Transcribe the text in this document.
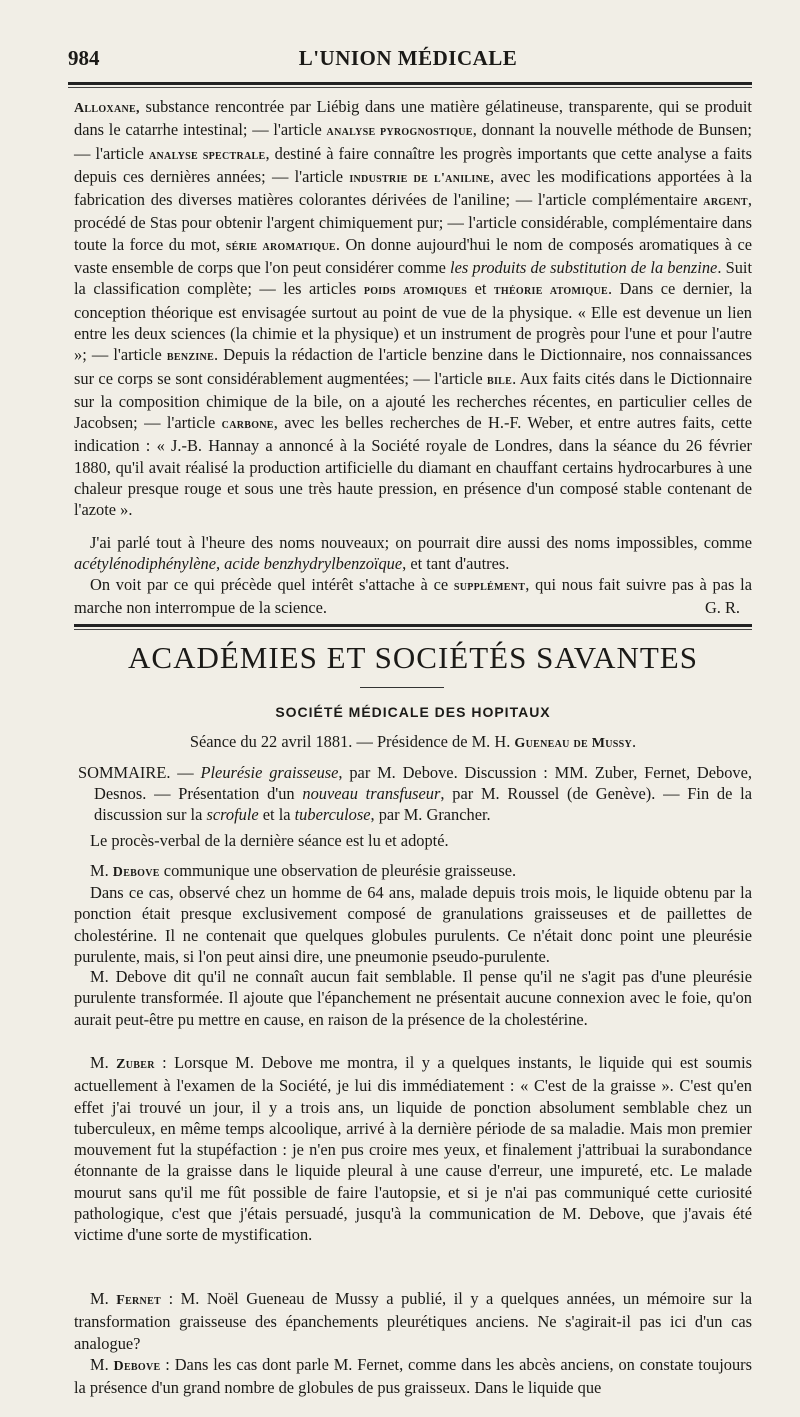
984	L'UNION MÉDICALE

Alloxane, substance rencontrée par Liébig dans une matière gélatineuse, transparente, qui se produit dans le catarrhe intestinal; — l'article analyse pyrognostique, donnant la nouvelle méthode de Bunsen; — l'article analyse spectrale, destiné à faire connaître les progrès importants que cette analyse a faits depuis ces dernières années; — l'article industrie de l'aniline, avec les modifications apportées à la fabrication des diverses matières colorantes dérivées de l'aniline; — l'article complémentaire argent, procédé de Stas pour obtenir l'argent chimiquement pur; — l'article considérable, complémentaire dans toute la force du mot, série aromatique. On donne aujourd'hui le nom de composés aromatiques à ce vaste ensemble de corps que l'on peut considérer comme les produits de substitution de la benzine. Suit la classification complète; — les articles poids atomiques et théorie atomique. Dans ce dernier, la conception théorique est envisagée surtout au point de vue de la physique. « Elle est devenue un lien entre les deux sciences (la chimie et la physique) et un instrument de progrès pour l'une et pour l'autre »; — l'article benzine. Depuis la rédaction de l'article benzine dans le Dictionnaire, nos connaissances sur ce corps se sont considérablement augmentées; — l'article bile. Aux faits cités dans le Dictionnaire sur la composition chimique de la bile, on a ajouté les recherches récentes, en particulier celles de Jacobsen; — l'article carbone, avec les belles recherches de H.-F. Weber, et entre autres faits, cette indication : « J.-B. Hannay a annoncé à la Société royale de Londres, dans la séance du 26 février 1880, qu'il avait réalisé la production artificielle du diamant en chauffant certains hydrocarbures à une chaleur presque rouge et sous une très haute pression, en présence d'un composé stable contenant de l'azote ».

J'ai parlé tout à l'heure des noms nouveaux; on pourrait dire aussi des noms impossibles, comme acétylénodiphénylène, acide benzhydrylbenzoïque, et tant d'autres.

On voit par ce qui précède quel intérêt s'attache à ce supplément, qui nous fait suivre pas à pas la marche non interrompue de la science.	G. R.

ACADÉMIES ET SOCIÉTÉS SAVANTES
SOCIÉTÉ MÉDICALE DES HOPITAUX
Séance du 22 avril 1881. — Présidence de M. H. Gueneau de Mussy.
SOMMAIRE. — Pleurésie graisseuse, par M. Debove. Discussion : MM. Zuber, Fernet, Debove, Desnos. — Présentation d'un nouveau transfuseur, par M. Roussel (de Genève). — Fin de la discussion sur la scrofule et la tuberculose, par M. Grancher.

Le procès-verbal de la dernière séance est lu et adopté.

M. Debove communique une observation de pleurésie graisseuse.

Dans ce cas, observé chez un homme de 64 ans, malade depuis trois mois, le liquide obtenu par la ponction était presque exclusivement composé de granulations graisseuses et de paillettes de cholestérine. Il ne contenait que quelques globules purulents. Ce n'était donc point une pleurésie purulente, mais, si l'on peut ainsi dire, une pneumonie pseudo-purulente.

M. Debove dit qu'il ne connaît aucun fait semblable. Il pense qu'il ne s'agit pas d'une pleurésie purulente transformée. Il ajoute que l'épanchement ne présentait aucune connexion avec le foie, qu'on aurait peut-être pu mettre en cause, en raison de la présence de la cholestérine.

M. Zuber : Lorsque M. Debove me montra, il y a quelques instants, le liquide qui est soumis actuellement à l'examen de la Société, je lui dis immédiatement : « C'est de la graisse ». C'est qu'en effet j'ai trouvé un jour, il y a trois ans, un liquide de ponction absolument semblable chez un tuberculeux, en même temps alcoolique, arrivé à la dernière période de sa maladie. Mais mon premier mouvement fut la stupéfaction : je n'en pus croire mes yeux, et finalement j'attribuai la surabondance étonnante de la graisse dans le liquide pleural à une cause d'erreur, une impureté, etc. Le malade mourut sans qu'il me fût possible de faire l'autopsie, et si je n'ai pas communiqué cette curiosité pathologique, c'est que j'étais persuadé, jusqu'à la communication de M. Debove, que j'avais été victime d'une sorte de mystification.

M. Fernet : M. Noël Gueneau de Mussy a publié, il y a quelques années, un mémoire sur la transformation graisseuse des épanchements pleurétiques anciens. Ne s'agirait-il pas ici d'un cas analogue?

M. Debove : Dans les cas dont parle M. Fernet, comme dans les abcès anciens, on constate toujours la présence d'un grand nombre de globules de pus graisseux. Dans le liquide que
